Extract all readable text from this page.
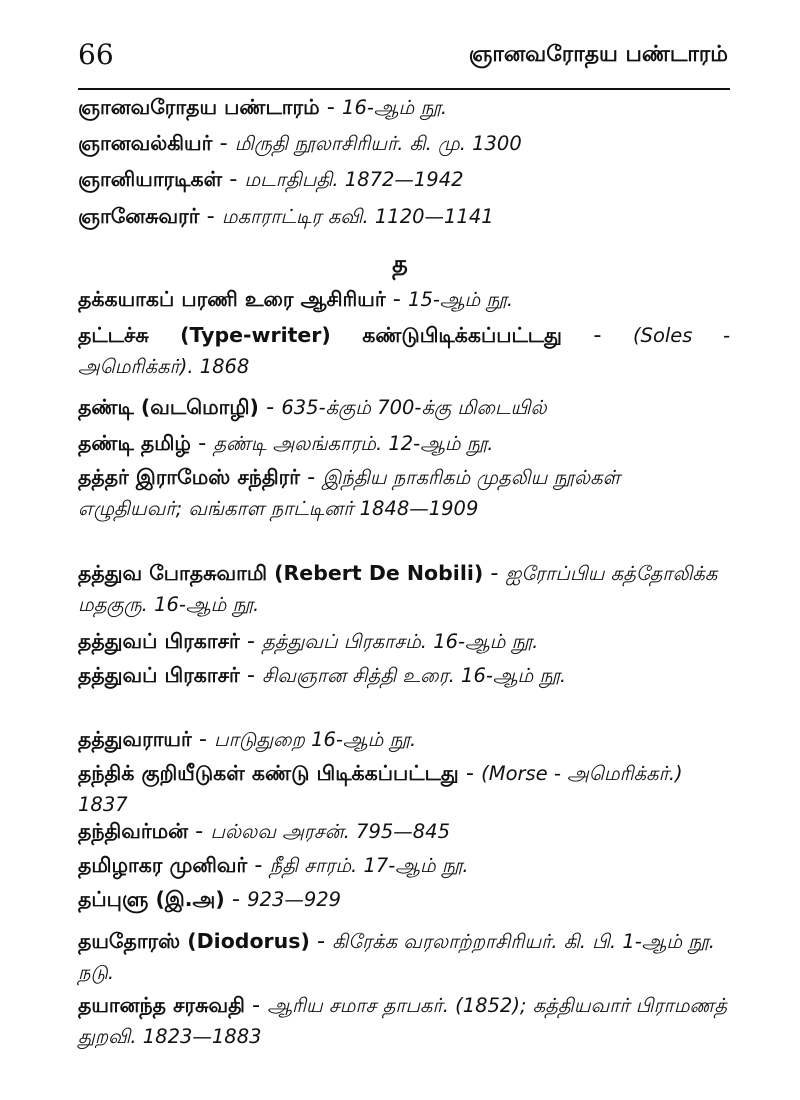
66	ஞானவரோதய பண்டாரம்

ஞானவரோதய பண்டாரம் - 16-ஆம் நூ.

ஞானவல்கியர் - மிருதி நூலாசிரியர். கி. மு. 1300

ஞானியாரடிகள் - மடாதிபதி. 1872—1942

ஞானேசுவரர் - மகாராட்டிர கவி. 1120—1141

த

தக்கயாகப் பரணி உரை ஆசிரியர் - 15-ஆம் நூ.

தட்டச்சு (Type-writer) கண்டுபிடிக்கப்பட்டது - (Soles - அமெரிக்கர்). 1868

தண்டி (வடமொழி) - 635-க்கும் 700-க்கு மிடையில்

தண்டி தமிழ் - தண்டி அலங்காரம். 12-ஆம் நூ.

தத்தர் இராமேஸ் சந்திரர் - இந்திய நாகரிகம் முதலிய நூல்கள் எழுதியவர்; வங்காள நாட்டினர் 1848—1909

தத்துவ போதசுவாமி (Rebert De Nobili) - ஐரோப்பிய கத்தோலிக்க மதகுரு. 16-ஆம் நூ.

தத்துவப் பிரகாசர் - தத்துவப் பிரகாசம். 16-ஆம் நூ.

தத்துவப் பிரகாசர் - சிவஞான சித்தி உரை. 16-ஆம் நூ.

தத்துவராயர் - பாடுதுறை 16-ஆம் நூ.

தந்திக் குறியீடுகள் கண்டு பிடிக்கப்பட்டது - (Morse - அமெரிக்கர்.) 1837

தந்திவர்மன் - பல்லவ அரசன். 795—845

தமிழாகர முனிவர் - நீதி சாரம். 17-ஆம் நூ.

தப்புளு (இ.அ) - 923—929

தயதோரஸ் (Diodorus) - கிரேக்க வரலாற்றாசிரியர். கி. பி. 1-ஆம் நூ. நடு.

தயானந்த சரசுவதி - ஆரிய சமாச தாபகர். (1852); கத்தியவார் பிராமணத் துறவி. 1823—1883
